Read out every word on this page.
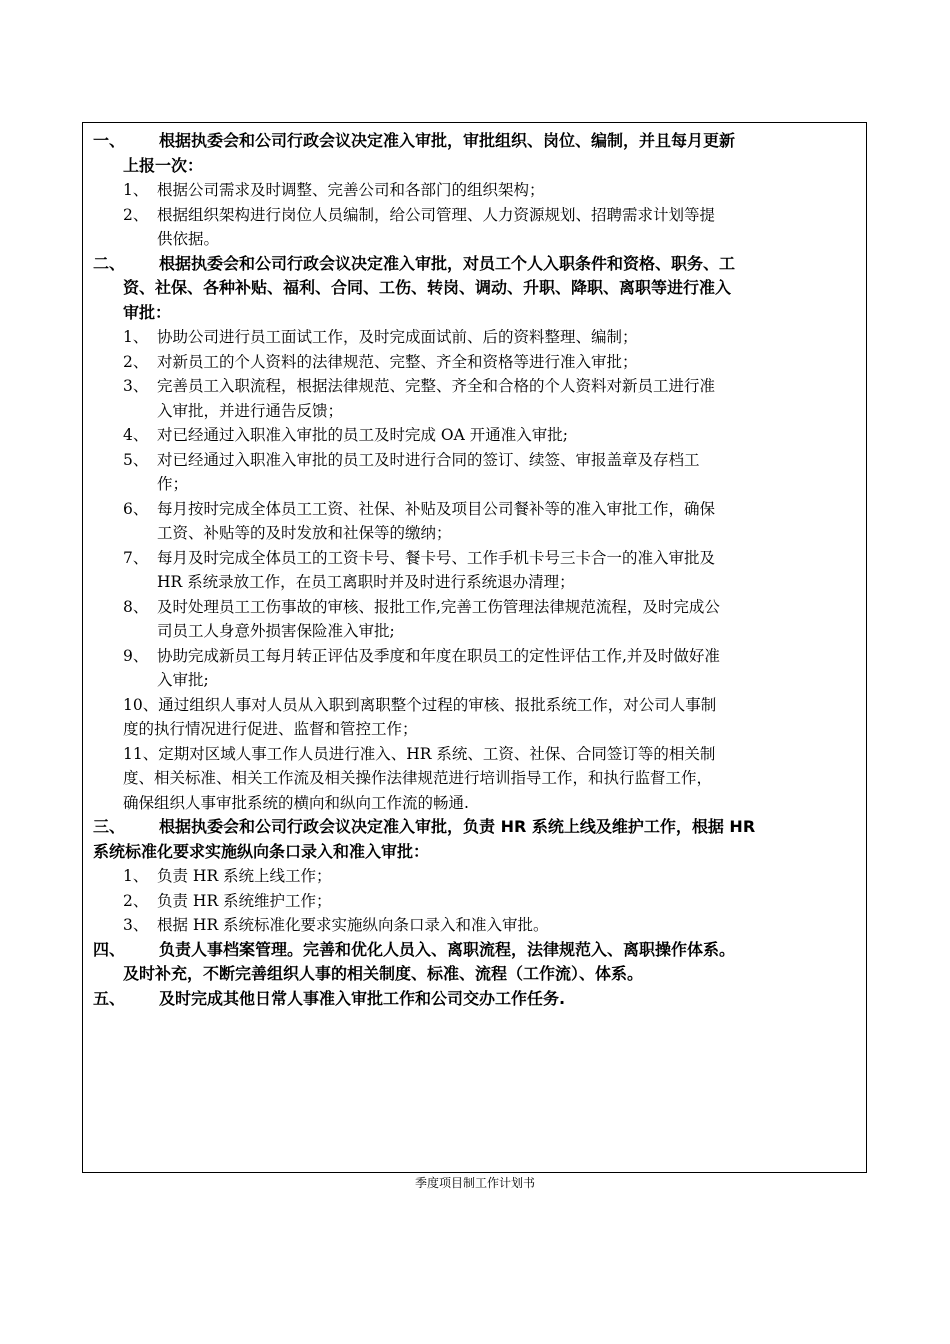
一、	根据执委会和公司行政会议决定准入审批，审批组织、岗位、编制，并且每月更新
上报一次：
1、 根据公司需求及时调整、完善公司和各部门的组织架构；
2、 根据组织架构进行岗位人员编制，给公司管理、人力资源规划、招聘需求计划等提
供依据。
二、	根据执委会和公司行政会议决定准入审批，对员工个人入职条件和资格、职务、工
资、社保、各种补贴、福利、合同、工伤、转岗、调动、升职、降职、离职等进行准入
审批：
1、 协助公司进行员工面试工作，及时完成面试前、后的资料整理、编制；
2、 对新员工的个人资料的法律规范、完整、齐全和资格等进行准入审批；
3、 完善员工入职流程，根据法律规范、完整、齐全和合格的个人资料对新员工进行准
入审批，并进行通告反馈；
4、 对已经通过入职准入审批的员工及时完成 OA 开通准入审批;
5、 对已经通过入职准入审批的员工及时进行合同的签订、续签、审报盖章及存档工
作；
6、 每月按时完成全体员工工资、社保、补贴及项目公司餐补等的准入审批工作，确保
工资、补贴等的及时发放和社保等的缴纳；
7、 每月及时完成全体员工的工资卡号、餐卡号、工作手机卡号三卡合一的准入审批及
HR 系统录放工作，在员工离职时并及时进行系统退办清理；
8、 及时处理员工工伤事故的审核、报批工作,完善工伤管理法律规范流程，及时完成公
司员工人身意外损害保险准入审批;
9、 协助完成新员工每月转正评估及季度和年度在职员工的定性评估工作,并及时做好准
入审批;
10、通过组织人事对人员从入职到离职整个过程的审核、报批系统工作，对公司人事制
度的执行情况进行促进、监督和管控工作；
11、定期对区域人事工作人员进行准入、HR 系统、工资、社保、合同签订等的相关制
度、相关标准、相关工作流及相关操作法律规范进行培训指导工作，和执行监督工作，
确保组织人事审批系统的横向和纵向工作流的畅通.
三、	根据执委会和公司行政会议决定准入审批，负责 HR 系统上线及维护工作，根据 HR
系统标准化要求实施纵向条口录入和准入审批：
1、 负责 HR 系统上线工作；
2、 负责 HR 系统维护工作；
3、 根据 HR 系统标准化要求实施纵向条口录入和准入审批。
四、	负责人事档案管理。完善和优化人员入、离职流程，法律规范入、离职操作体系。
及时补充，不断完善组织人事的相关制度、标准、流程（工作流）、体系。
五、	及时完成其他日常人事准入审批工作和公司交办工作任务.
季度项目制工作计划书
